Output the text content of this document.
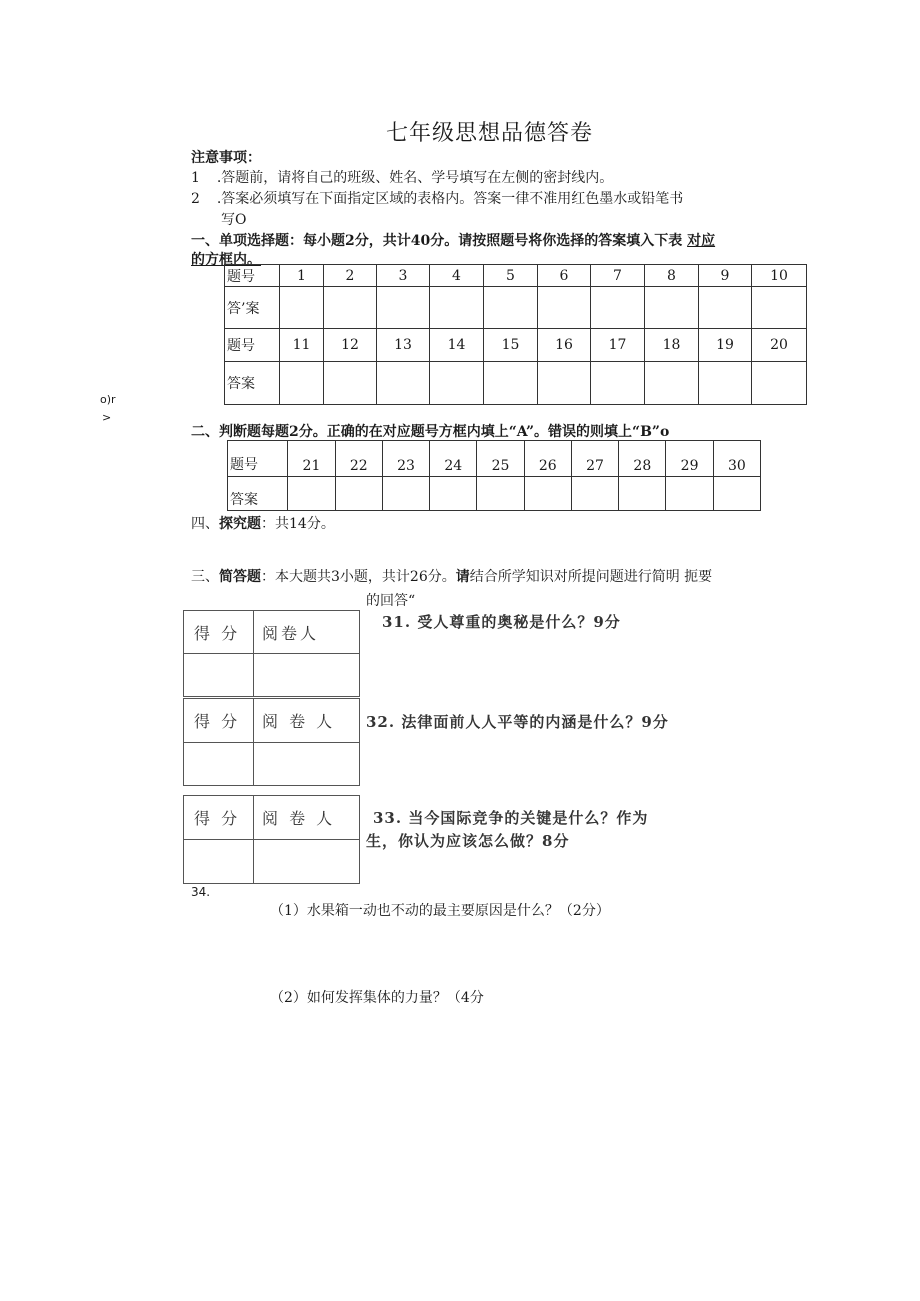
七年级思想品德答卷
注意事项：
1 .答题前，请将自己的班级、姓名、学号填写在左侧的密封线内。
2 .答案必须填写在下面指定区域的表格内。答案一律不准用红色墨水或铅笔书
写O
一、单项选择题：每小题2分，共计40分。请按照题号将你选择的答案填入下表 对应
的方框内。
题号	1	2	3	4	5	6	7	8	9	10
答’案										
题号	11	12	13	14	15	16	17	18	19	20
答案										
o)r
>
二、判断题每题2分。正确的在对应题号方框内填上“A”。错误的则填上“B”o
题号	21	22	23	24	25	26	27	28	29	30
答案										
四、探究题：共14分。
三、简答题：本大题共3小题，共计26分。请结合所学知识对所提问题进行简明 扼要
的回答“
得 分	阅卷人

31. 受人尊重的奥秘是什么？9分
得 分	阅 卷 人
	32. 法律面前人人平等的内涵是什么？9分
得 分	阅 卷 人
		33. 当今国际竞争的关键是什么？作为
生，你认为应该怎么做？8分
34.
（1）水果箱一动也不动的最主要原因是什么？（2分）
（2）如何发挥集体的力量？（4分
